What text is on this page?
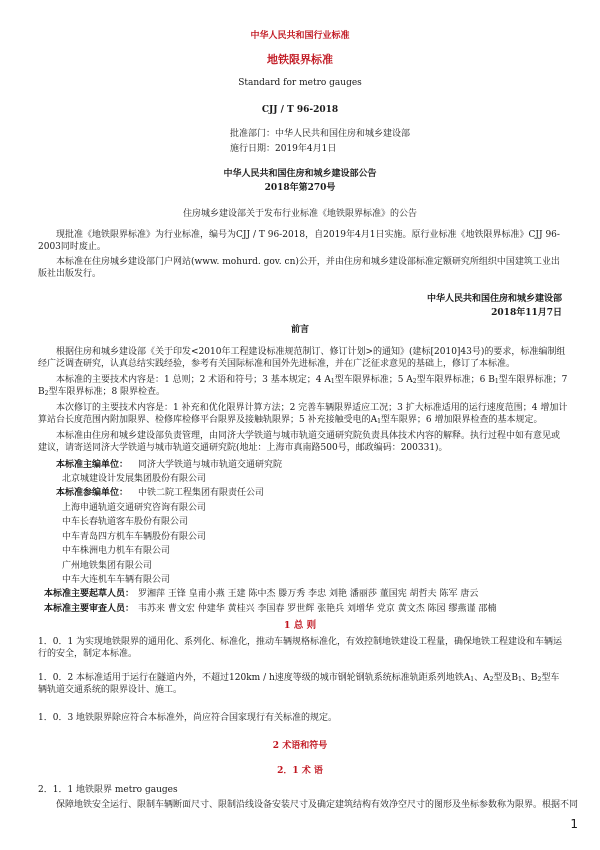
中华人民共和国行业标准
地铁限界标准
Standard for metro gauges
CJJ / T 96-2018
批准部门：中华人民共和国住房和城乡建设部
施行日期：2019年4月1日
中华人民共和国住房和城乡建设部公告
2018年第270号
住房城乡建设部关于发布行业标准《地铁限界标准》的公告
现批准《地铁限界标准》为行业标准，编号为CJJ / T 96-2018，自2019年4月1日实施。原行业标准《地铁限界标准》CJJ 96-2003同时废止。
本标准在住房城乡建设部门户网站(www. mohurd. gov. cn)公开，并由住房和城乡建设部标准定额研究所组织中国建筑工业出版社出版发行。
中华人民共和国住房和城乡建设部
2018年11月7日
前言
根据住房和城乡建设部《关于印发<2010年工程建设标准规范制订、修订计划>的通知》(建标[2010]43号)的要求，标准编制组经广泛调查研究，认真总结实践经验，参考有关国际标准和国外先进标准，并在广泛征求意见的基础上，修订了本标准。
本标准的主要技术内容是：1 总则；2 术语和符号；3 基本规定；4 A1型车限界标准；5 A2型车限界标准；6 B1型车限界标准；7 B2型车限界标准；8 限界检查。
本次修订的主要技术内容是：1 补充和优化限界计算方法；2 完善车辆限界适应工况；3 扩大标准适用的运行速度范围；4 增加计算站台长度范围内附加限界、检修库检修平台限界及接触轨限界；5 补充接触受电的A1型车限界；6 增加限界检查的基本规定。
本标准由住房和城乡建设部负责管理，由同济大学铁道与城市轨道交通研究院负责具体技术内容的解释。执行过程中如有意见或建议，请寄送同济大学铁道与城市轨道交通研究院(地址：上海市真南路500号，邮政编码：200331)。
本标准主编单位： 同济大学铁道与城市轨道交通研究院
北京城建设计发展集团股份有限公司
本标准参编单位： 中铁二院工程集团有限责任公司
上海申通轨道交通研究咨询有限公司
中车长春轨道客车股份有限公司
中车青岛四方机车车辆股份有限公司
中车株洲电力机车有限公司
广州地铁集团有限公司
中车大连机车车辆有限公司
本标准主要起草人员： 罗湘萍 王锋 皇甫小燕 王建 陈中杰 滕万秀 李忠 刘艳 潘丽莎 董国宪 胡哲夫 陈军 唐云
本标准主要审查人员： 韦苏来 曹文宏 仲建华 黄桂兴 李国春 罗世辉 张艳兵 刘增华 党京 黄文杰 陈园 缪燕谨 邵楠
1 总 则
1．0．1 为实现地铁限界的通用化、系列化、标准化，推动车辆规格标准化，有效控制地铁建设工程量，确保地铁工程建设和车辆运行的安全，制定本标准。
1．0．2 本标准适用于运行在隧道内外，不超过120km / h速度等级的城市钢轮钢轨系统标准轨距系列地铁A1、A2型及B1、B2型车辆轨道交通系统的限界设计、施工。
1．0．3 地铁限界除应符合本标准外，尚应符合国家现行有关标准的规定。
2 术语和符号
2．1 术 语
2．1．1 地铁限界 metro gauges
保障地铁安全运行、限制车辆断面尺寸、限制沿线设备安装尺寸及确定建筑结构有效净空尺寸的图形及坐标参数称为限界。根据不同
1
